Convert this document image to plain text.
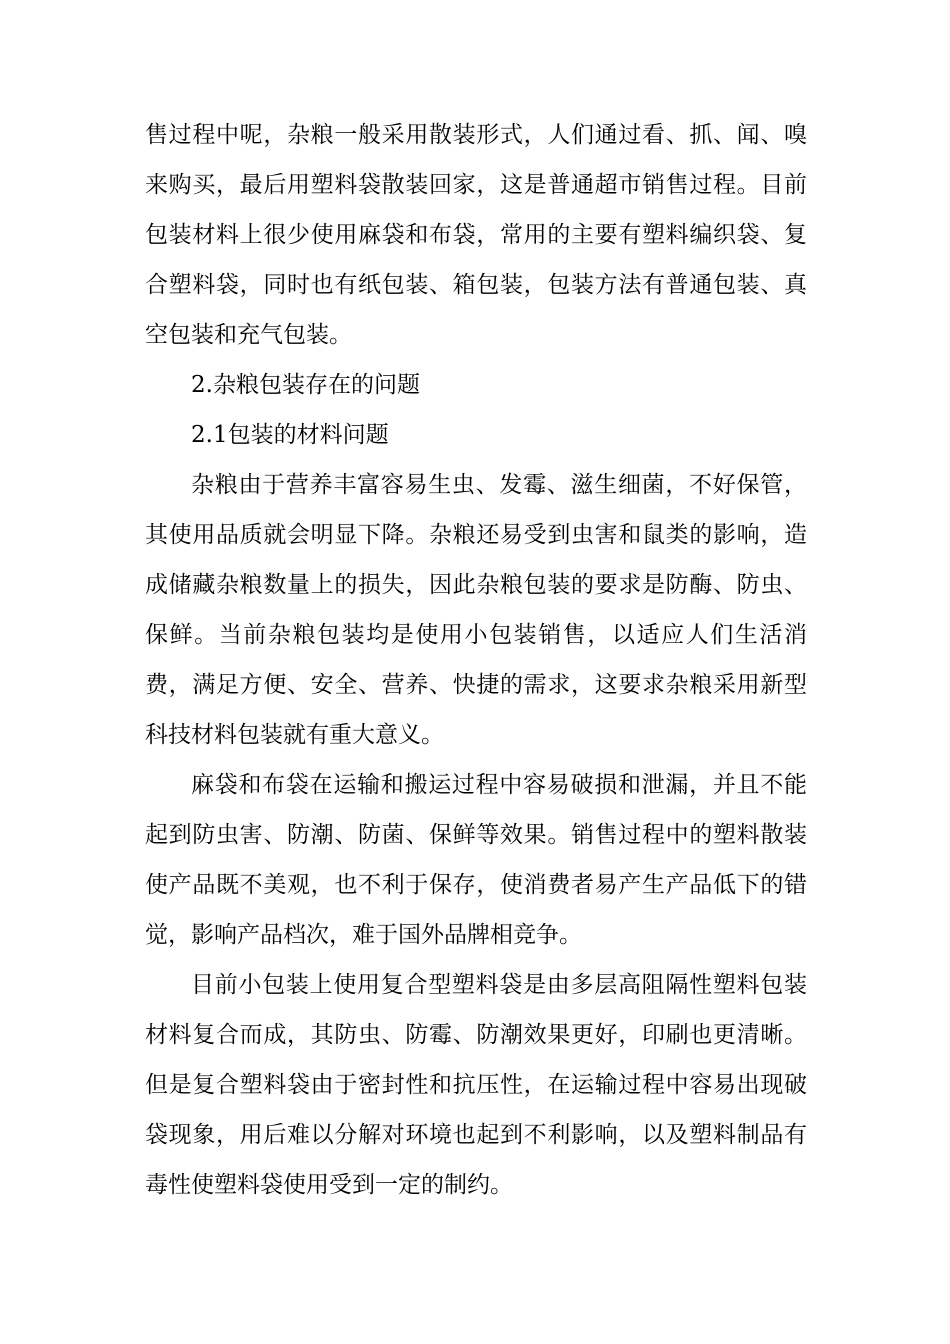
售过程中呢，杂粮一般采用散装形式，人们通过看、抓、闻、嗅来购买，最后用塑料袋散装回家，这是普通超市销售过程。目前包装材料上很少使用麻袋和布袋，常用的主要有塑料编织袋、复合塑料袋，同时也有纸包装、箱包装，包装方法有普通包装、真空包装和充气包装。

2.杂粮包装存在的问题

2.1包装的材料问题

杂粮由于营养丰富容易生虫、发霉、滋生细菌，不好保管，其使用品质就会明显下降。杂粮还易受到虫害和鼠类的影响，造成储藏杂粮数量上的损失，因此杂粮包装的要求是防酶、防虫、保鲜。当前杂粮包装均是使用小包装销售，以适应人们生活消费，满足方便、安全、营养、快捷的需求，这要求杂粮采用新型科技材料包装就有重大意义。

麻袋和布袋在运输和搬运过程中容易破损和泄漏，并且不能起到防虫害、防潮、防菌、保鲜等效果。销售过程中的塑料散装使产品既不美观，也不利于保存，使消费者易产生产品低下的错觉，影响产品档次，难于国外品牌相竞争。

目前小包装上使用复合型塑料袋是由多层高阻隔性塑料包装材料复合而成，其防虫、防霉、防潮效果更好，印刷也更清晰。但是复合塑料袋由于密封性和抗压性，在运输过程中容易出现破袋现象，用后难以分解对环境也起到不利影响，以及塑料制品有毒性使塑料袋使用受到一定的制约。
